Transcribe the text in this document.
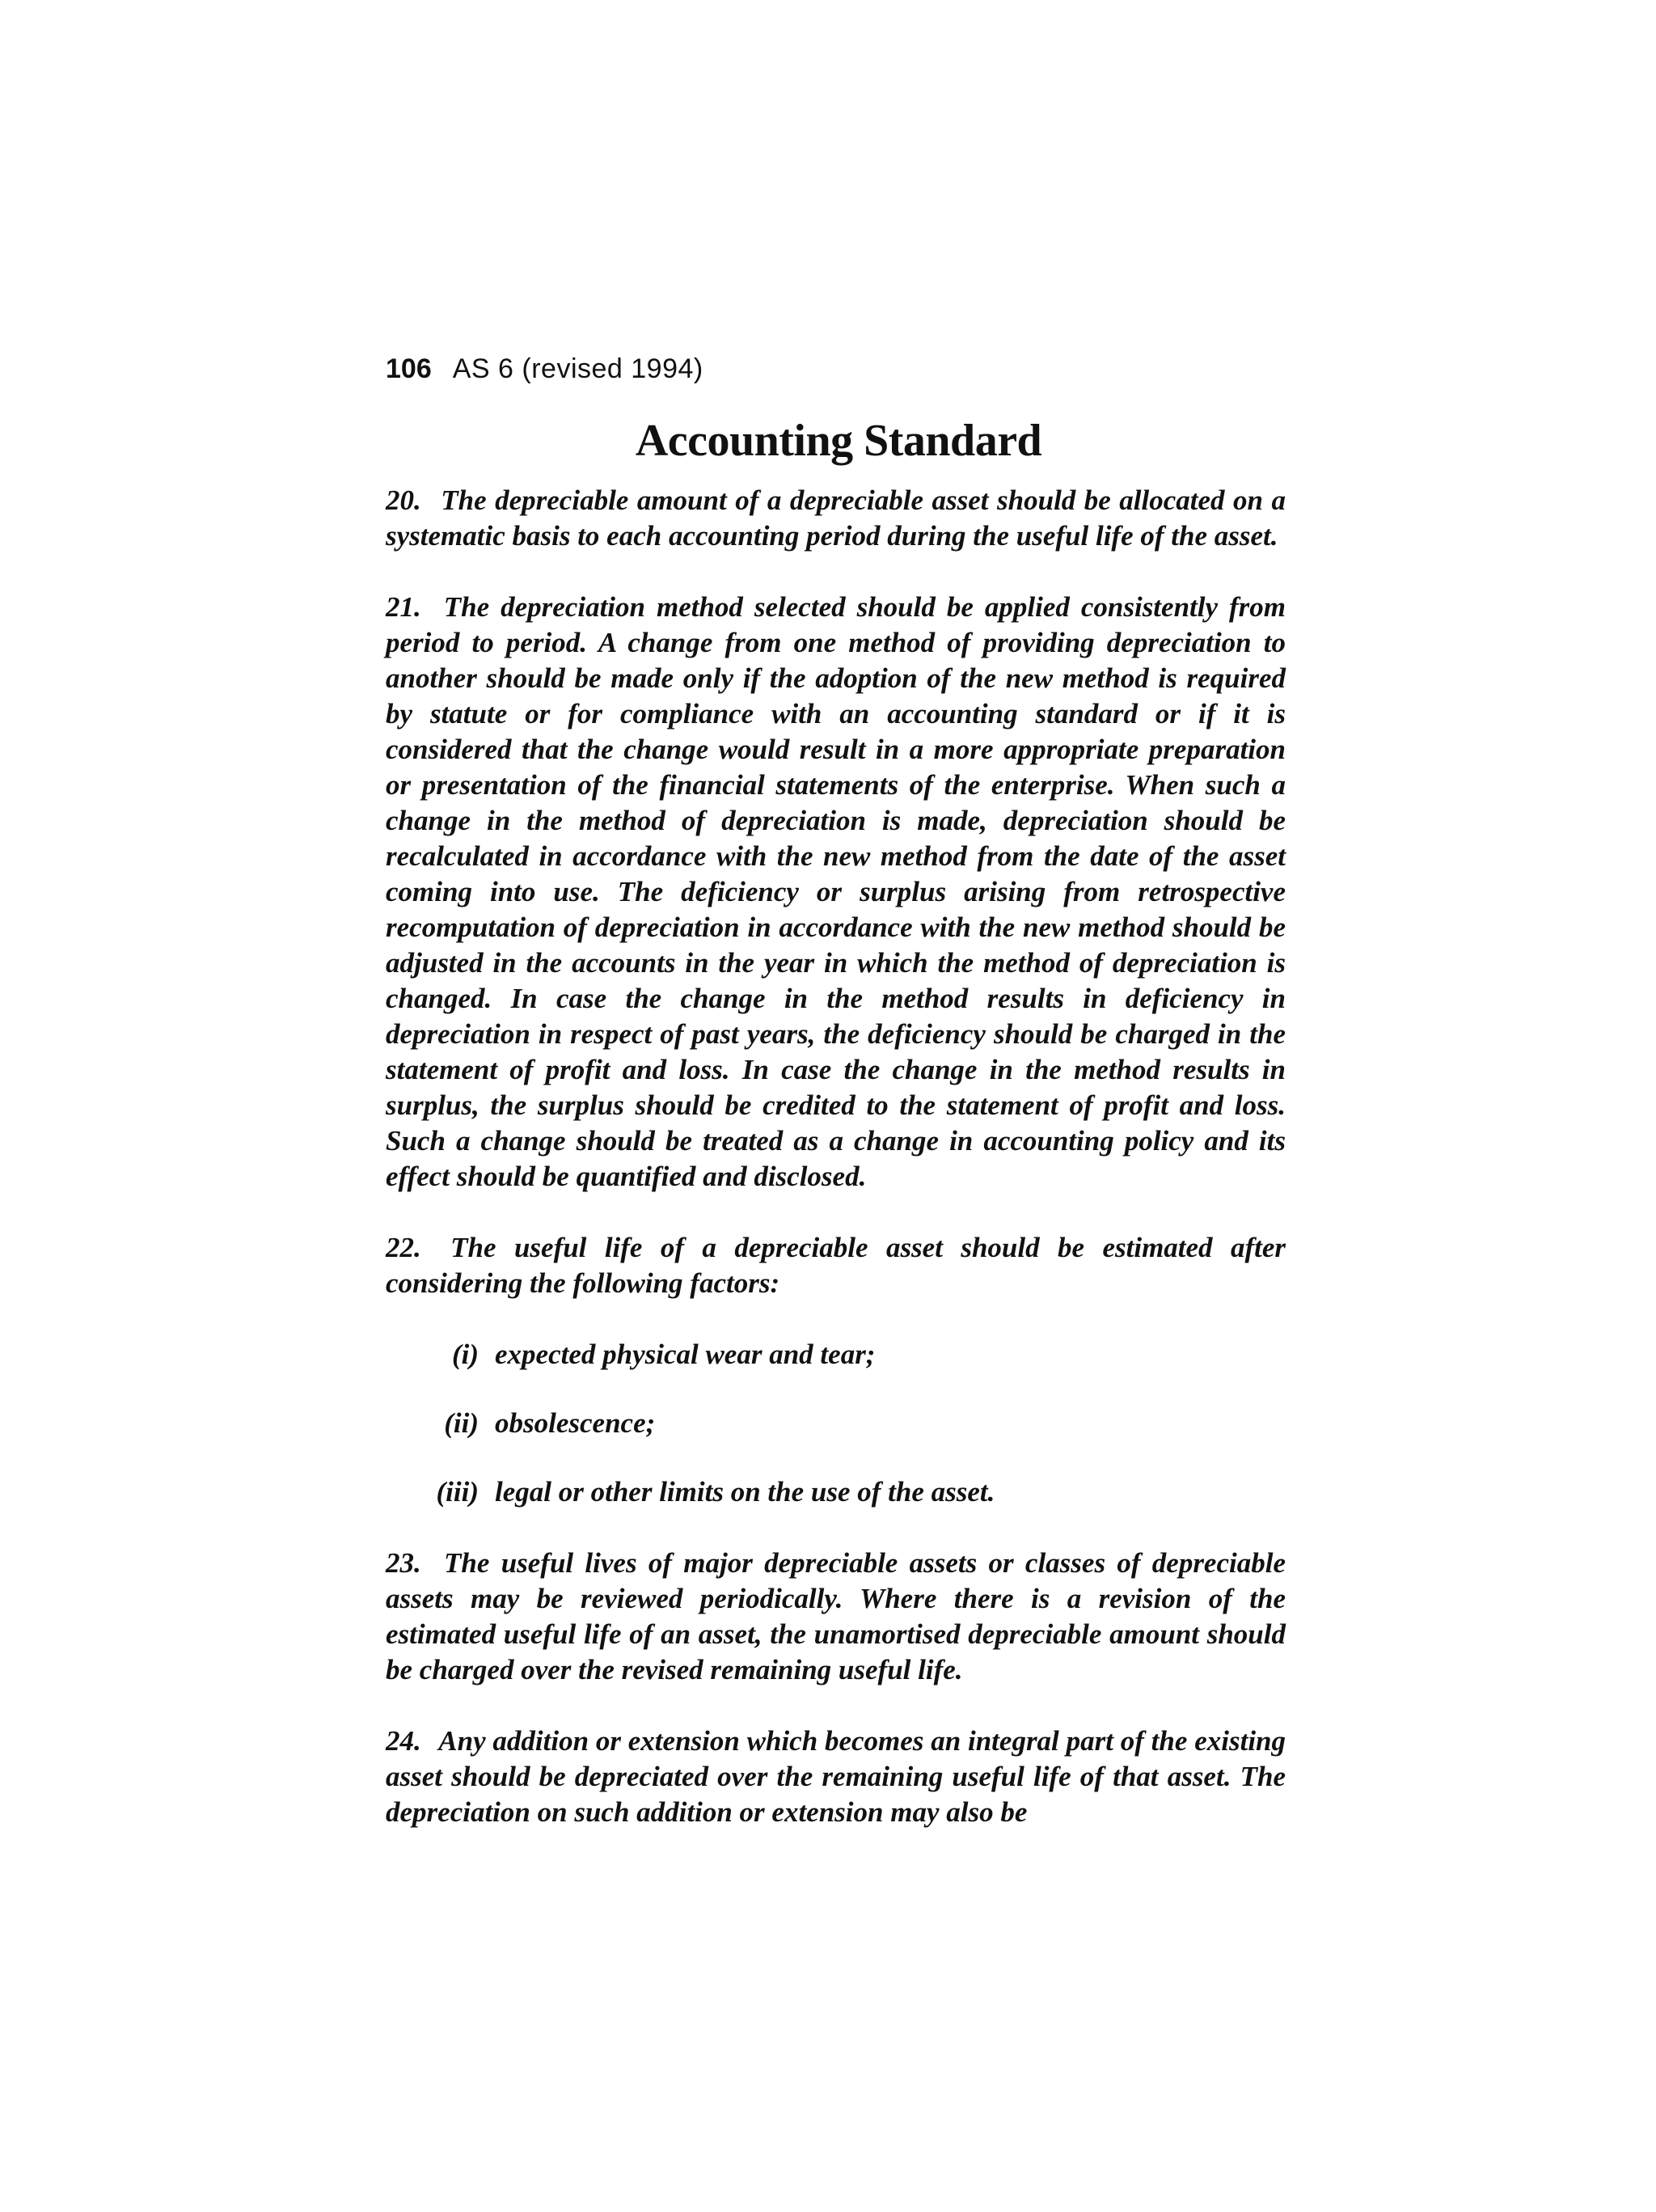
106 AS 6 (revised 1994)
Accounting Standard

20. The depreciable amount of a depreciable asset should be allocated on a systematic basis to each accounting period during the useful life of the asset.

21. The depreciation method selected should be applied consistently from period to period. A change from one method of providing depreciation to another should be made only if the adoption of the new method is required by statute or for compliance with an accounting standard or if it is considered that the change would result in a more appropriate preparation or presentation of the financial statements of the enterprise. When such a change in the method of depreciation is made, depreciation should be recalculated in accordance with the new method from the date of the asset coming into use. The deficiency or surplus arising from retrospective recomputation of depreciation in accordance with the new method should be adjusted in the accounts in the year in which the method of depreciation is changed. In case the change in the method results in deficiency in depreciation in respect of past years, the deficiency should be charged in the statement of profit and loss. In case the change in the method results in surplus, the surplus should be credited to the statement of profit and loss. Such a change should be treated as a change in accounting policy and its effect should be quantified and disclosed.

22. The useful life of a depreciable asset should be estimated after considering the following factors:

(i) expected physical wear and tear;
(ii) obsolescence;
(iii) legal or other limits on the use of the asset.

23. The useful lives of major depreciable assets or classes of depreciable assets may be reviewed periodically. Where there is a revision of the estimated useful life of an asset, the unamortised depreciable amount should be charged over the revised remaining useful life.

24. Any addition or extension which becomes an integral part of the existing asset should be depreciated over the remaining useful life of that asset. The depreciation on such addition or extension may also be
